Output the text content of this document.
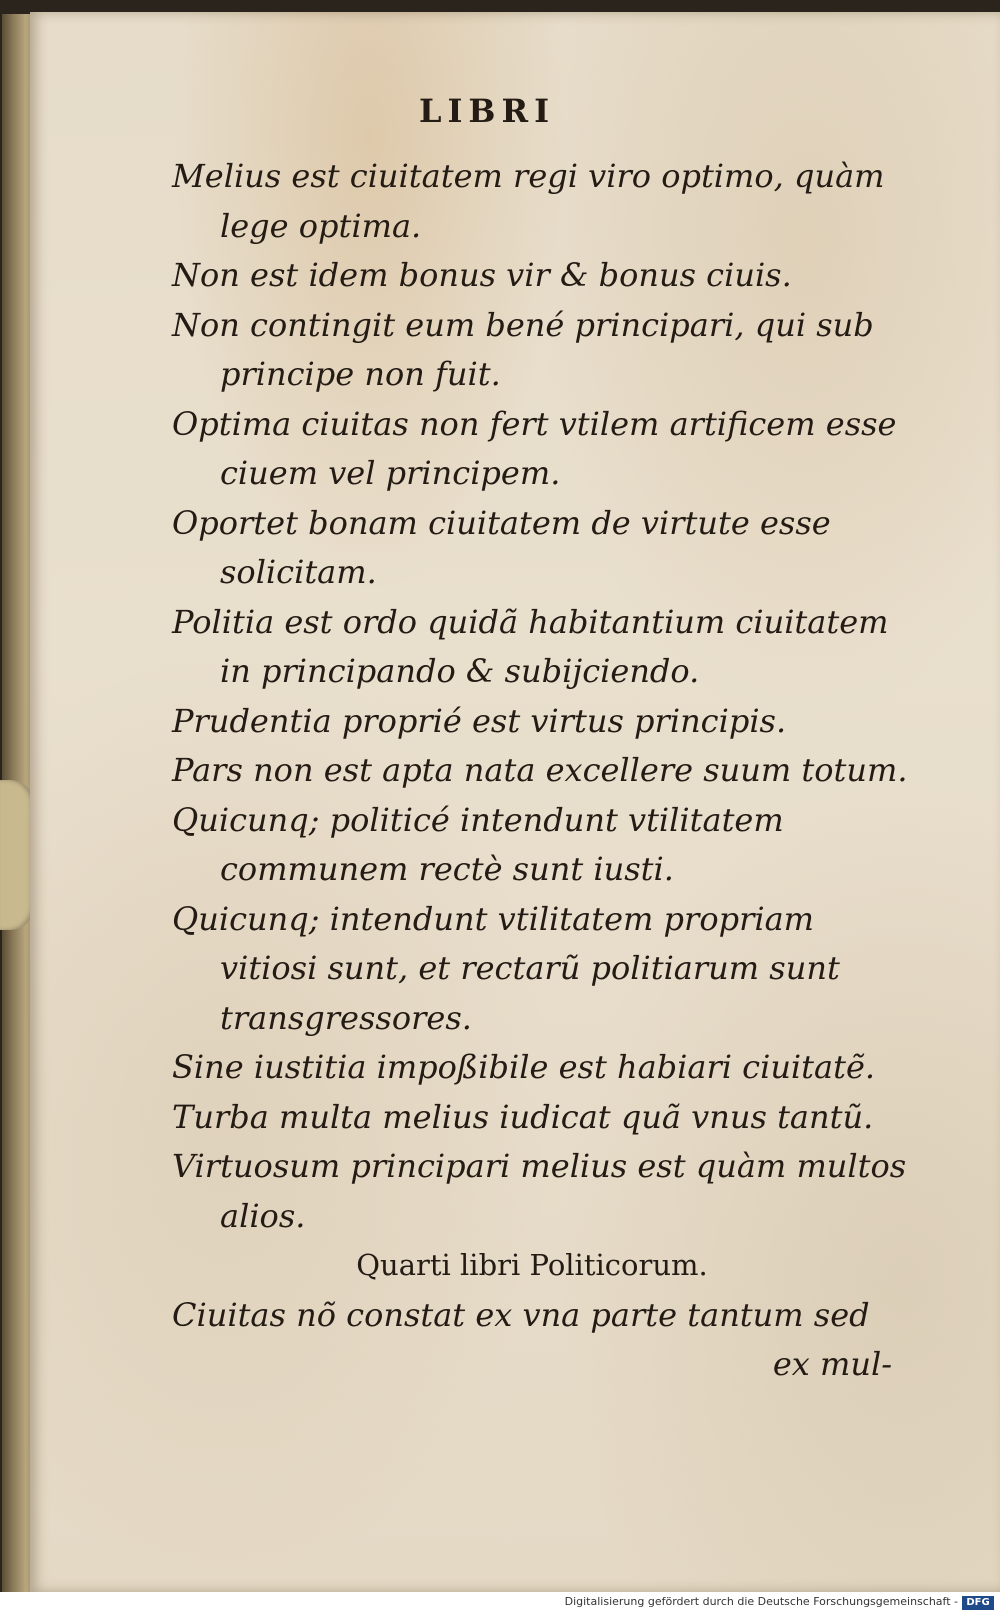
LIBRI

Melius est ciuitatem regi viro optimo, quàm lege optima.

Non est idem bonus vir & bonus ciuis.

Non contingit eum bené principari, qui sub principe non fuit.

Optima ciuitas non fert vtilem artificem esse ciuem vel principem.

Oportet bonam ciuitatem de virtute esse solicitam.

Politia est ordo quidã habitantium ciuitatem in principando & subijciendo.

Prudentia proprié est virtus principis.

Pars non est apta nata excellere suum totum.

Quicunq; politicé intendunt vtilitatem communem rectè sunt iusti.

Quicunq; intendunt vtilitatem propriam vitiosi sunt, et rectarũ politiarum sunt transgressores.

Sine iustitia impoßibile est habiari ciuitatẽ.

Turba multa melius iudicat quã vnus tantũ.

Virtuosum principari melius est quàm multos alios.

Quarti libri Politicorum.

Ciuitas nõ constat ex vna parte tantum sed

ex mul-

Digitalisierung gefördert durch die Deutsche Forschungsgemeinschaft - DFG
